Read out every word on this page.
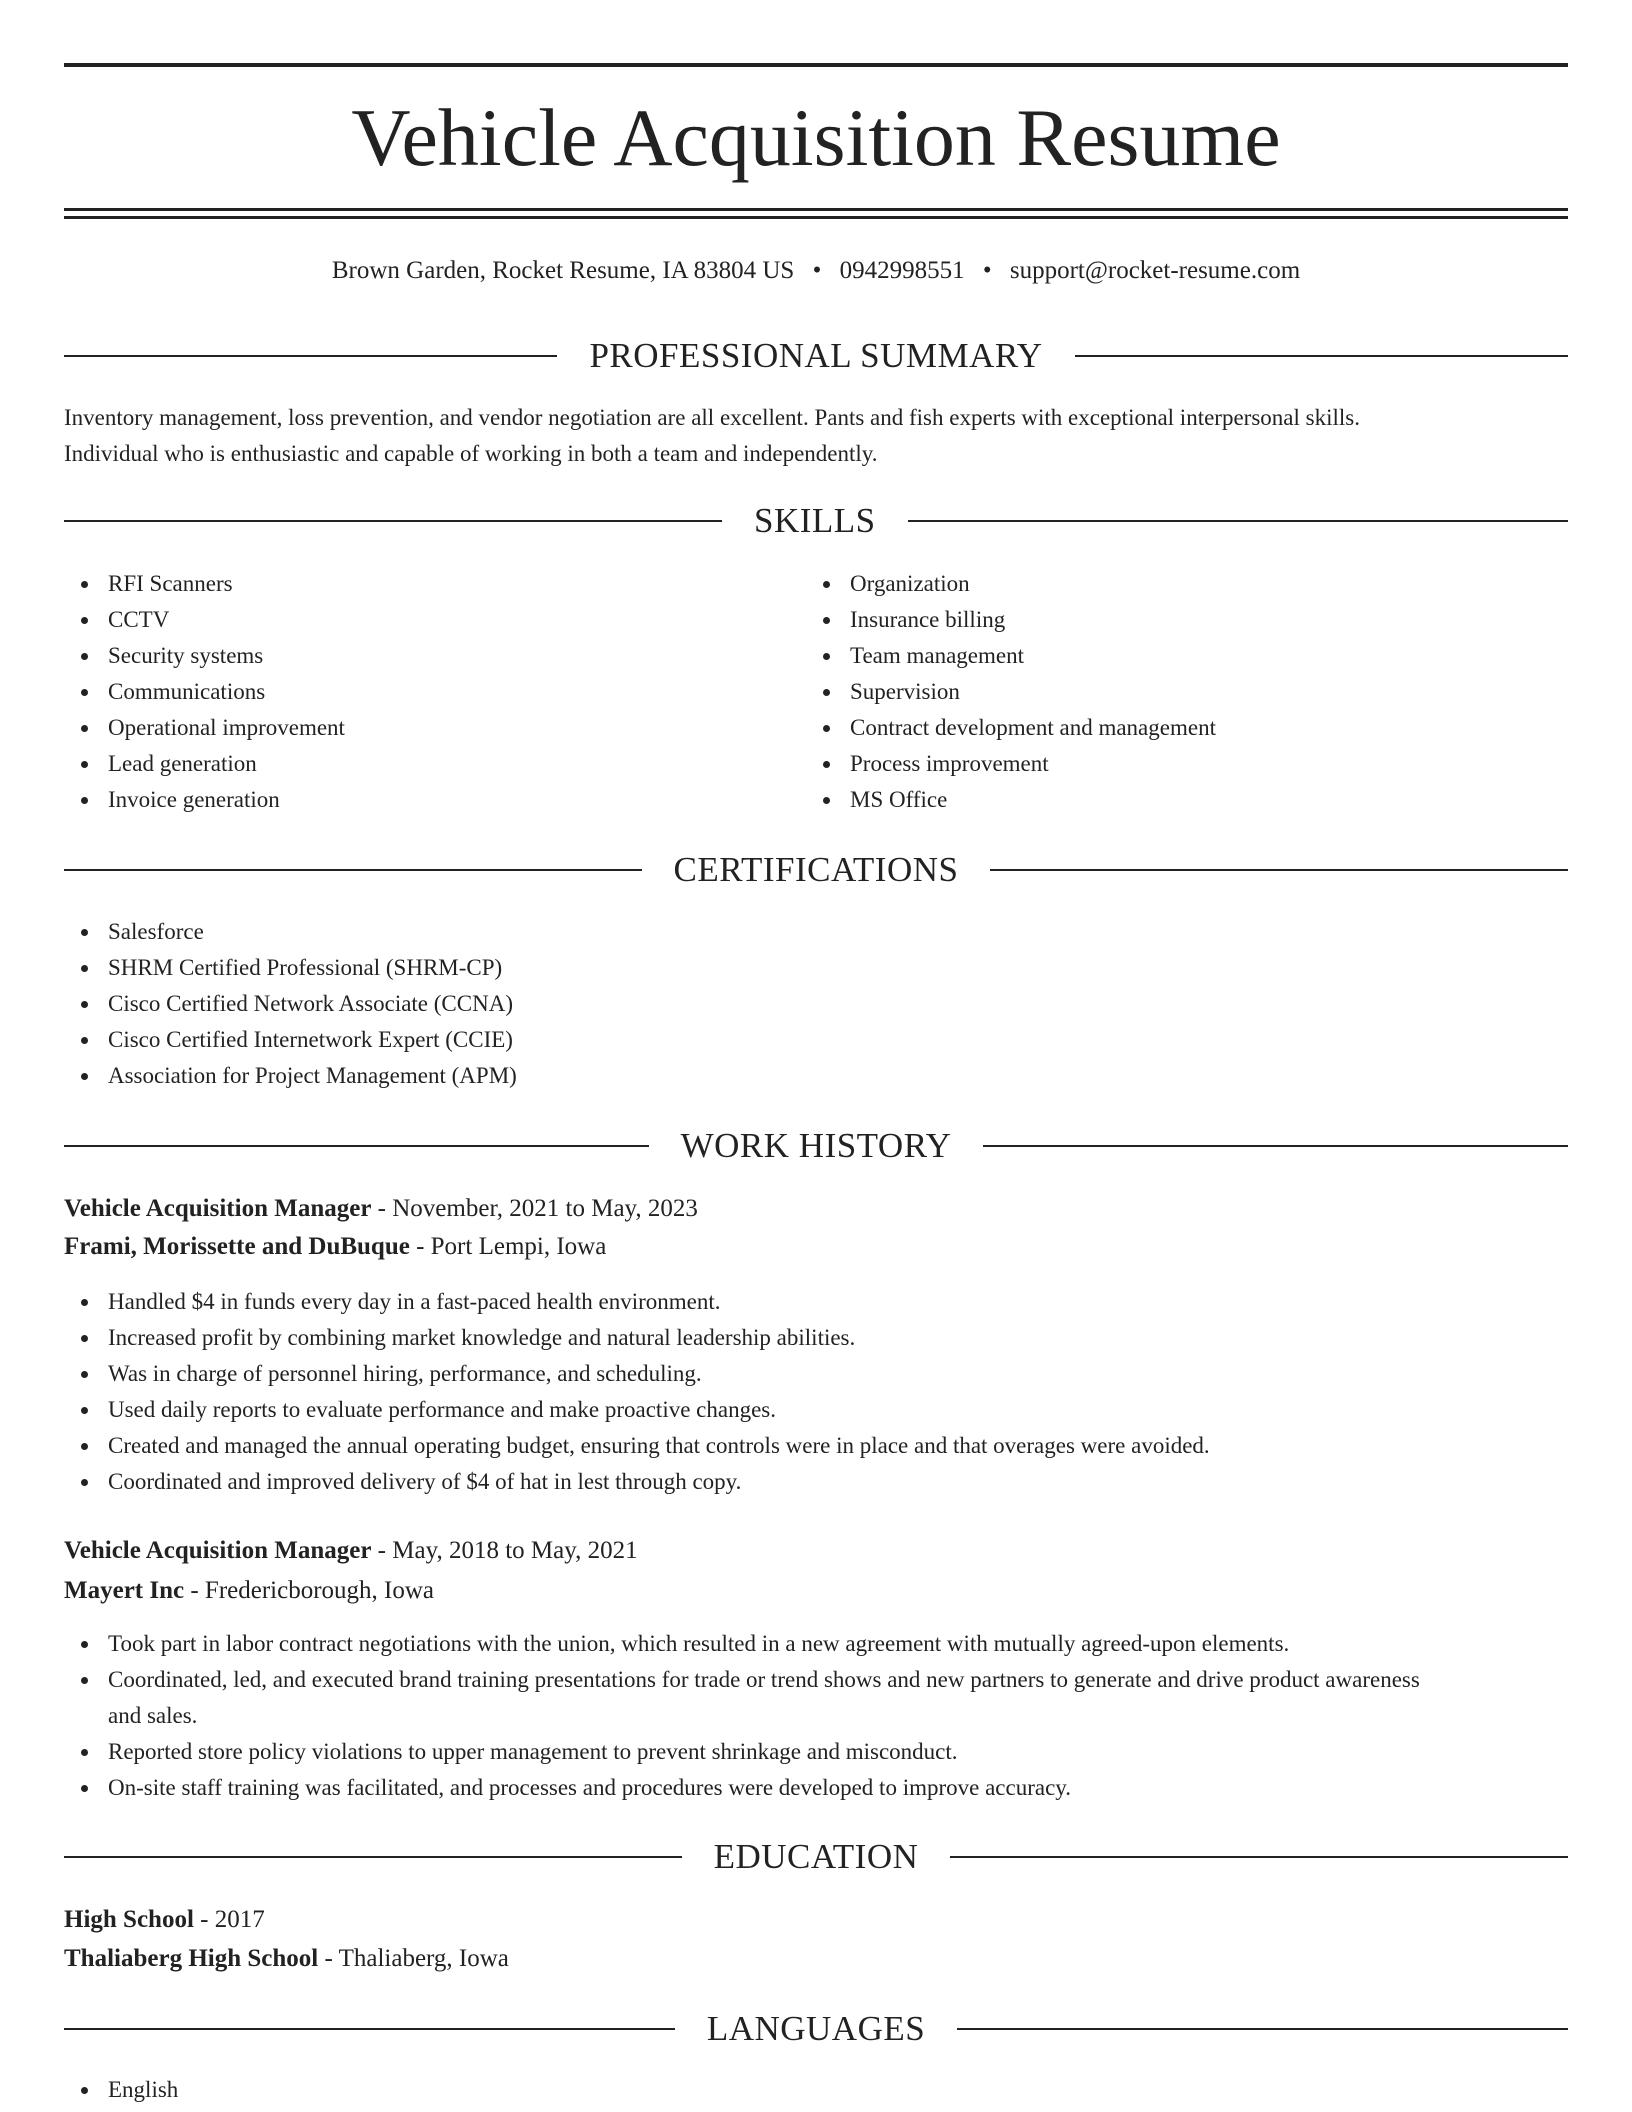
Vehicle Acquisition Resume
Brown Garden, Rocket Resume, IA 83804 US • 0942998551 • support@rocket-resume.com
PROFESSIONAL SUMMARY

Inventory management, loss prevention, and vendor negotiation are all excellent. Pants and fish experts with exceptional interpersonal skills.

Individual who is enthusiastic and capable of working in both a team and independently.

SKILLS
RFI Scanners
CCTV
Security systems
Communications
Operational improvement
Lead generation
Invoice generation
Organization
Insurance billing
Team management
Supervision
Contract development and management
Process improvement
MS Office
CERTIFICATIONS
Salesforce
SHRM Certified Professional (SHRM-CP)
Cisco Certified Network Associate (CCNA)
Cisco Certified Internetwork Expert (CCIE)
Association for Project Management (APM)
WORK HISTORY
Vehicle Acquisition Manager - November, 2021 to May, 2023
Frami, Morissette and DuBuque - Port Lempi, Iowa
Handled $4 in funds every day in a fast-paced health environment.
Increased profit by combining market knowledge and natural leadership abilities.
Was in charge of personnel hiring, performance, and scheduling.
Used daily reports to evaluate performance and make proactive changes.
Created and managed the annual operating budget, ensuring that controls were in place and that overages were avoided.
Coordinated and improved delivery of $4 of hat in lest through copy.
Vehicle Acquisition Manager - May, 2018 to May, 2021
Mayert Inc - Fredericborough, Iowa
Took part in labor contract negotiations with the union, which resulted in a new agreement with mutually agreed-upon elements.
Coordinated, led, and executed brand training presentations for trade or trend shows and new partners to generate and drive product awareness
and sales.
Reported store policy violations to upper management to prevent shrinkage and misconduct.
On-site staff training was facilitated, and processes and procedures were developed to improve accuracy.
EDUCATION
High School - 2017
Thaliaberg High School - Thaliaberg, Iowa
LANGUAGES
English
